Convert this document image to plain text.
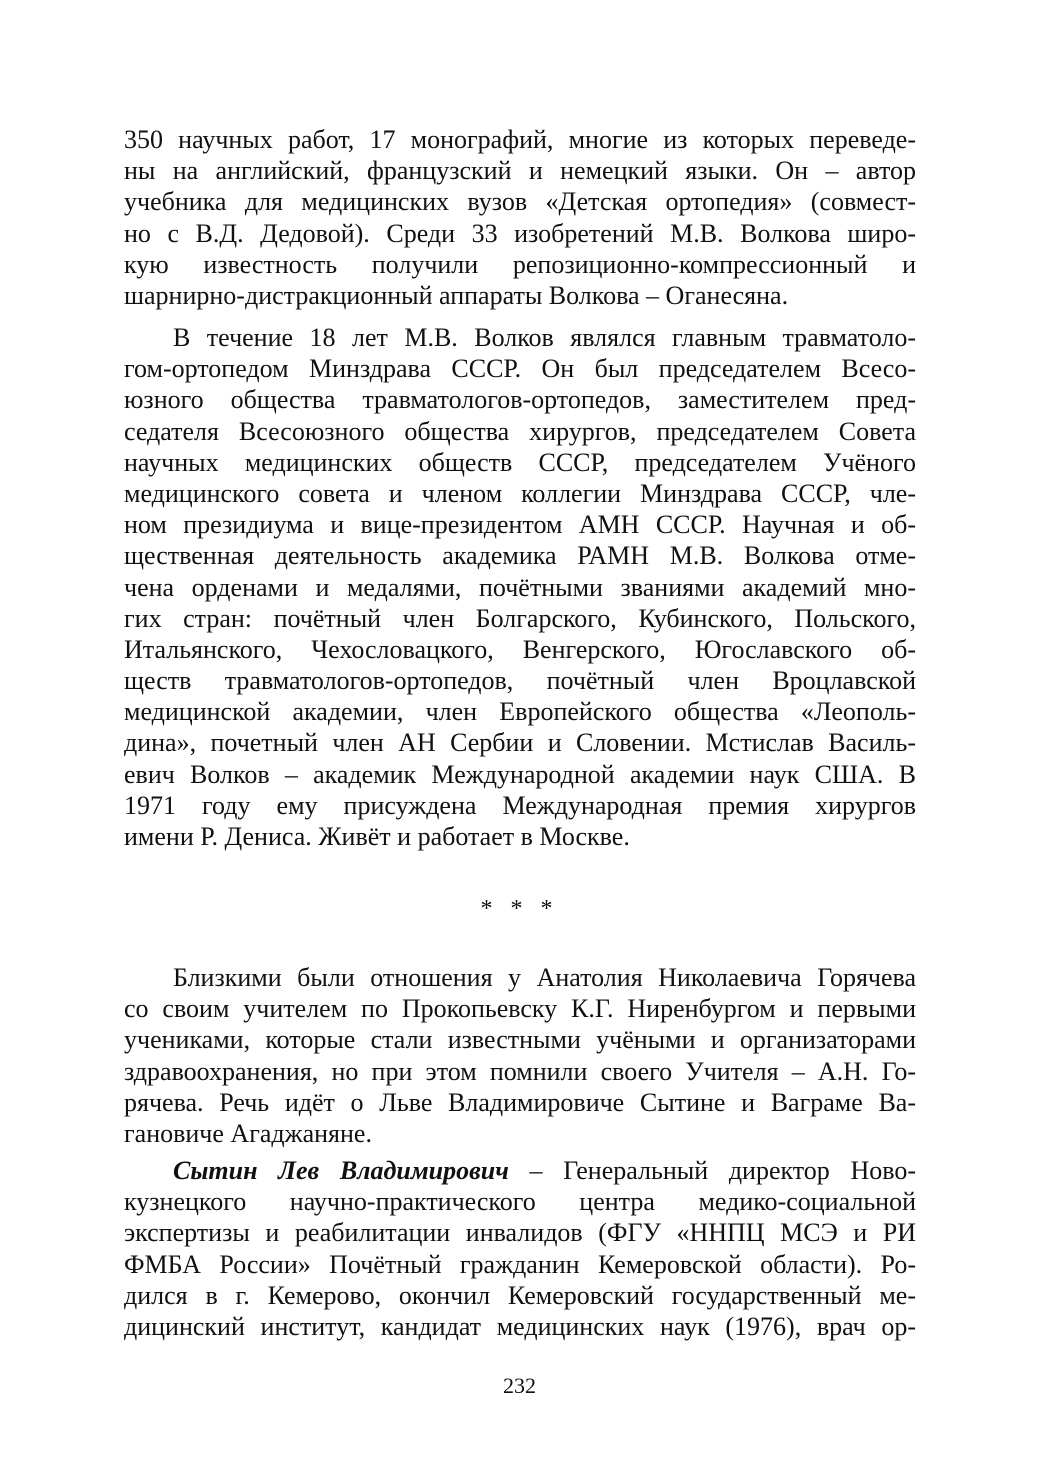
350 научных работ, 17 монографий, многие из которых переведе-
ны на английский, французский и немецкий языки. Он – автор
учебника для медицинских вузов «Детская ортопедия» (совмест-
но с В.Д. Дедовой). Среди 33 изобретений М.В. Волкова широ-
кую известность получили репозиционно-компрессионный и
шарнирно-дистракционный аппараты Волкова – Оганесяна.
В течение 18 лет М.В. Волков являлся главным травматоло-
гом-ортопедом Минздрава СССР. Он был председателем Всесо-
юзного общества травматологов-ортопедов, заместителем пред-
седателя Всесоюзного общества хирургов, председателем Совета
научных медицинских обществ СССР, председателем Учёного
медицинского совета и членом коллегии Минздрава СССР, чле-
ном президиума и вице-президентом АМН СССР. Научная и об-
щественная деятельность академика РАМН М.В. Волкова отме-
чена орденами и медалями, почётными званиями академий мно-
гих стран: почётный член Болгарского, Кубинского, Польского,
Итальянского, Чехословацкого, Венгерского, Югославского об-
ществ травматологов-ортопедов, почётный член Вроцлавской
медицинской академии, член Европейского общества «Леополь-
дина», почетный член АН Сербии и Словении. Мстислав Василь-
евич Волков – академик Международной академии наук США. В
1971 году ему присуждена Международная премия хирургов
имени Р. Дениса. Живёт и работает в Москве.
Близкими были отношения у Анатолия Николаевича Горячева
со своим учителем по Прокопьевску К.Г. Ниренбургом и первыми
учениками, которые стали известными учёными и организаторами
здравоохранения, но при этом помнили своего Учителя – А.Н. Го-
рячева. Речь идёт о Льве Владимировиче Сытине и Ваграме Ва-
гановиче Агаджаняне.
Сытин Лев Владимирович – Генеральный директор Ново-
кузнецкого научно-практического центра медико-социальной
экспертизы и реабилитации инвалидов (ФГУ «ННПЦ МСЭ и РИ
ФМБА России» Почётный гражданин Кемеровской области). Ро-
дился в г. Кемерово, окончил Кемеровский государственный ме-
дицинский институт, кандидат медицинских наук (1976), врач ор-
* * *
232
